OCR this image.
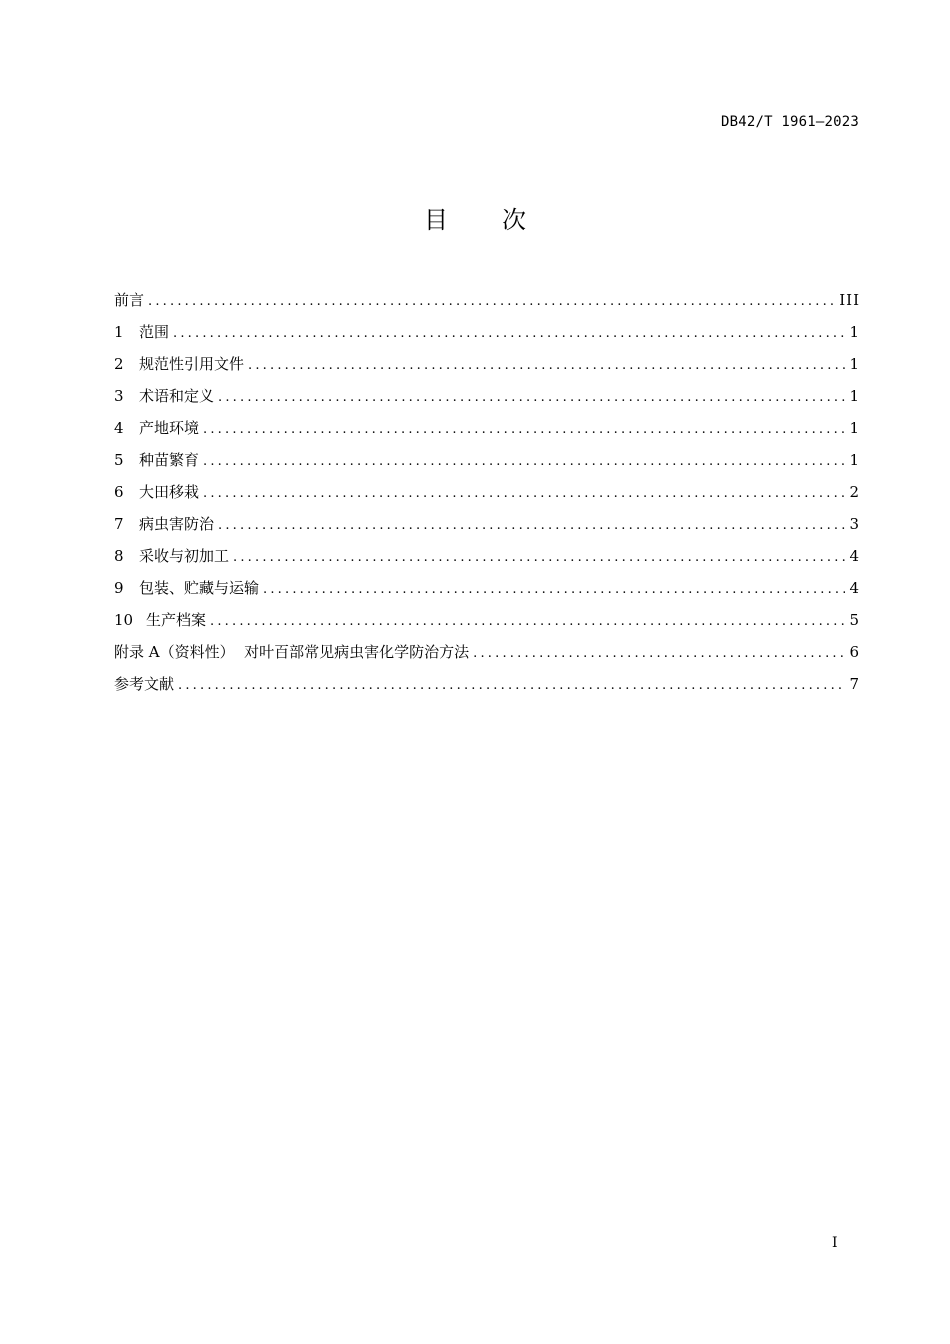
DB42/T 1961—2023
目 次
前言 .....	III
1	范围 .....	1
2	规范性引用文件 .....	1
3	术语和定义 .....	1
4	产地环境 .....	1
5	种苗繁育 .....	1
6	大田移栽 .....	2
7	病虫害防治 .....	3
8	采收与初加工 .....	4
9	包装、贮藏与运输 .....	4
10 生产档案 .....	5
附录 A（资料性）  对叶百部常见病虫害化学防治方法 .....	6
参考文献 .....	7
I
